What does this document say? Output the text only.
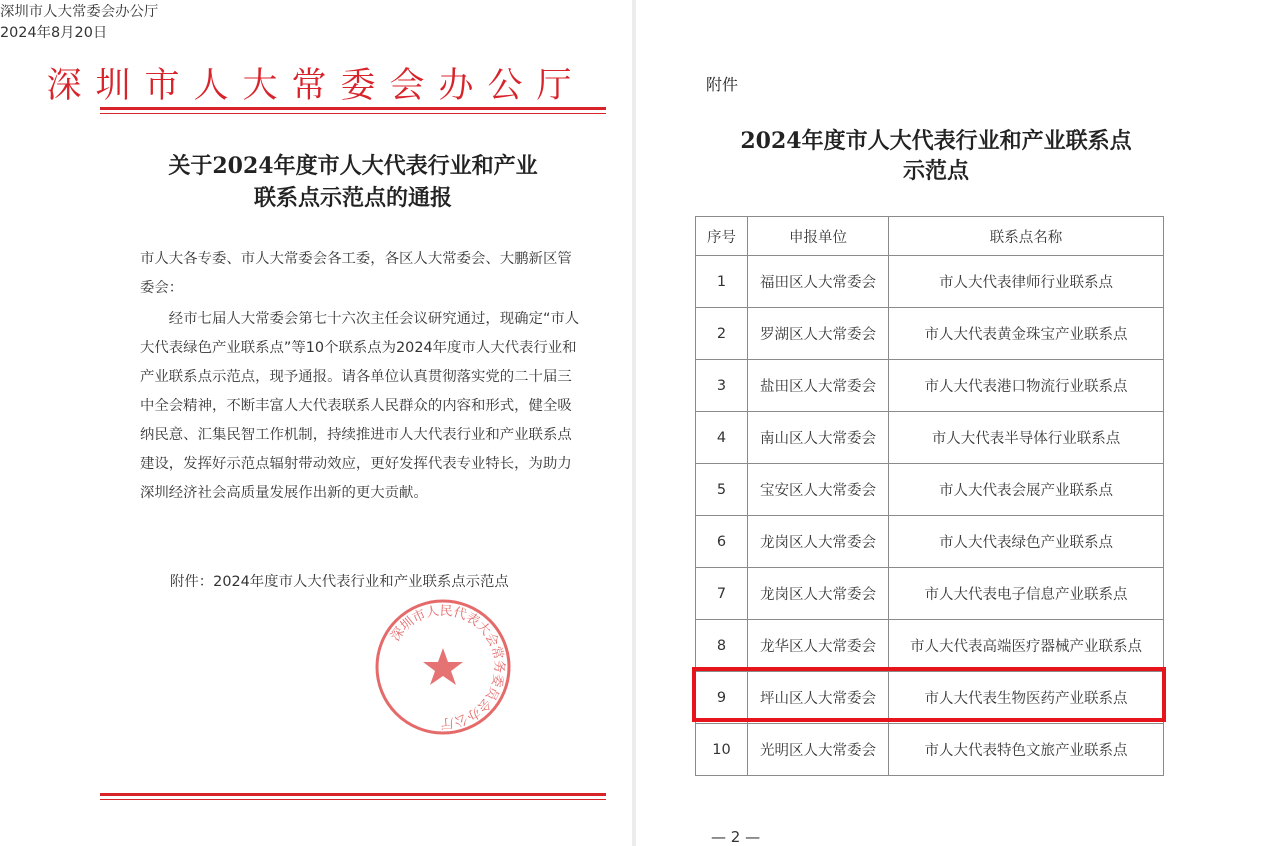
深圳市人大常委会办公厅
关于2024年度市人大代表行业和产业
联系点示范点的通报
市人大各专委、市人大常委会各工委，各区人大常委会、大鹏新区管委会：
经市七届人大常委会第七十六次主任会议研究通过，现确定“市人大代表绿色产业联系点”等10个联系点为2024年度市人大代表行业和产业联系点示范点，现予通报。请各单位认真贯彻落实党的二十届三中全会精神，不断丰富人大代表联系人民群众的内容和形式，健全吸纳民意、汇集民智工作机制，持续推进市人大代表行业和产业联系点建设，发挥好示范点辐射带动效应，更好发挥代表专业特长，为助力深圳经济社会高质量发展作出新的更大贡献。
附件：2024年度市人大代表行业和产业联系点示范点
深圳市人民代表大会常务委员会办公厅
深圳市人大常委会办公厅
2024年8月20日
附件
2024年度市人大代表行业和产业联系点
示范点
序号	申报单位	联系点名称
1	福田区人大常委会	市人大代表律师行业联系点
2	罗湖区人大常委会	市人大代表黄金珠宝产业联系点
3	盐田区人大常委会	市人大代表港口物流行业联系点
4	南山区人大常委会	市人大代表半导体行业联系点
5	宝安区人大常委会	市人大代表会展产业联系点
6	龙岗区人大常委会	市人大代表绿色产业联系点
7	龙岗区人大常委会	市人大代表电子信息产业联系点
8	龙华区人大常委会	市人大代表高端医疗器械产业联系点
9	坪山区人大常委会	市人大代表生物医药产业联系点
10	光明区人大常委会	市人大代表特色文旅产业联系点
— 2 —
